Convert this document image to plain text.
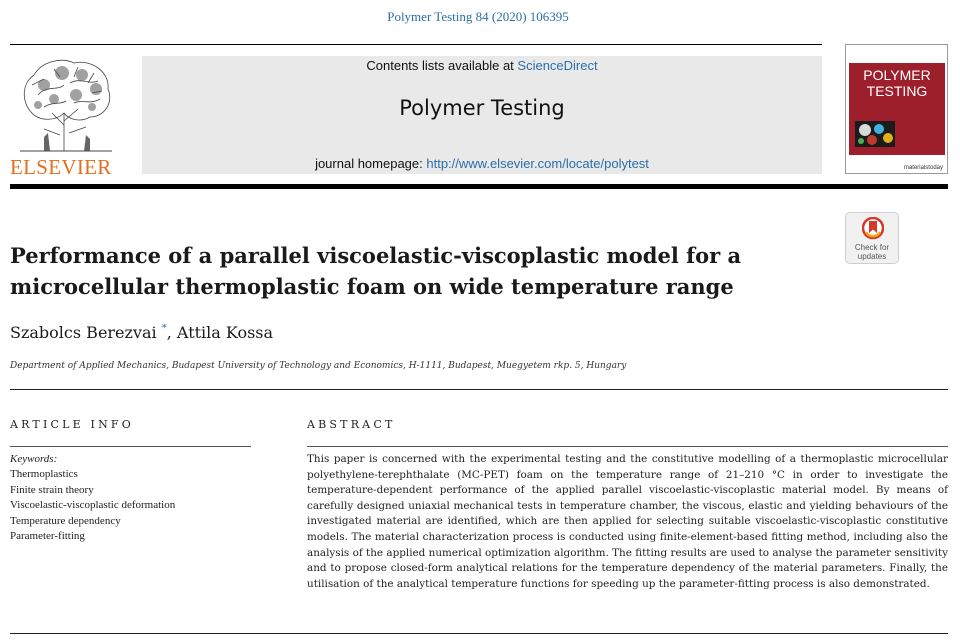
Polymer Testing 84 (2020) 106395
ELSEVIER
Contents lists available at ScienceDirect
Polymer Testing
journal homepage: http://www.elsevier.com/locate/polytest
POLYMER
TESTING
materialstoday
Check for
updates
Performance of a parallel viscoelastic-viscoplastic model for a microcellular thermoplastic foam on wide temperature range
Szabolcs Berezvai *, Attila Kossa
Department of Applied Mechanics, Budapest University of Technology and Economics, H-1111, Budapest, Muegyetem rkp. 5, Hungary
ARTICLE INFO
Keywords:
Thermoplastics
Finite strain theory
Viscoelastic-viscoplastic deformation
Temperature dependency
Parameter-fitting
ABSTRACT

This paper is concerned with the experimental testing and the constitutive modelling of a thermoplastic microcellular polyethylene-terephthalate (MC-PET) foam on the temperature range of 21–210 °C in order to investigate the temperature-dependent performance of the applied parallel viscoelastic-viscoplastic material model. By means of carefully designed uniaxial mechanical tests in temperature chamber, the viscous, elastic and yielding behaviours of the investigated material are identified, which are then applied for selecting suitable viscoelastic-viscoplastic constitutive models. The material characterization process is conducted using finite-element-based fitting method, including also the analysis of the applied numerical optimization algorithm. The fitting results are used to analyse the parameter sensitivity and to propose closed-form analytical relations for the temperature dependency of the material parameters. Finally, the utilisation of the analytical temperature functions for speeding up the parameter-fitting process is also demonstrated.
